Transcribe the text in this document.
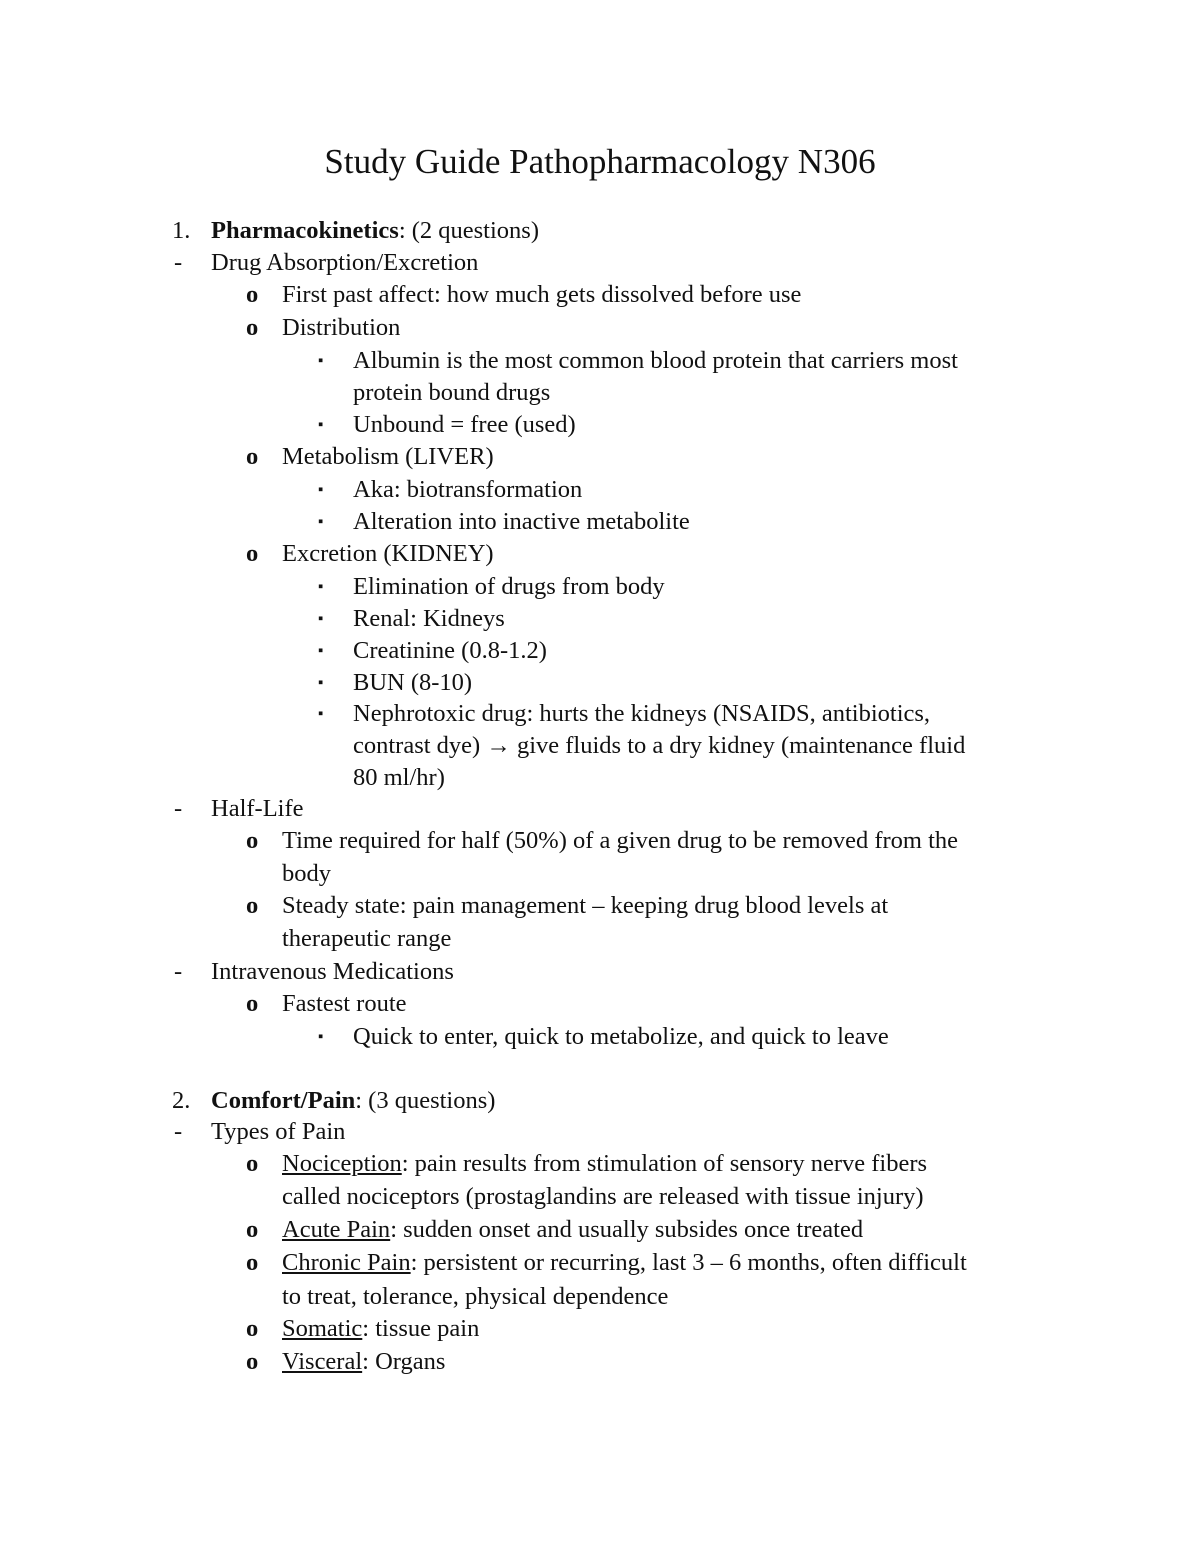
Study Guide Pathopharmacology N306
1. Pharmacokinetics: (2 questions)
- Drug Absorption/Excretion
o First past affect: how much gets dissolved before use
o Distribution
▪ Albumin is the most common blood protein that carriers most
protein bound drugs
▪ Unbound = free (used)
o Metabolism (LIVER)
▪ Aka: biotransformation
▪ Alteration into inactive metabolite
o Excretion (KIDNEY)
▪ Elimination of drugs from body
▪ Renal: Kidneys
▪ Creatinine (0.8-1.2)
▪ BUN (8-10)
▪ Nephrotoxic drug: hurts the kidneys (NSAIDS, antibiotics,
contrast dye) → give fluids to a dry kidney (maintenance fluid
80 ml/hr)
- Half-Life
o Time required for half (50%) of a given drug to be removed from the
body
o Steady state: pain management – keeping drug blood levels at
therapeutic range
- Intravenous Medications
o Fastest route
▪ Quick to enter, quick to metabolize, and quick to leave
2. Comfort/Pain: (3 questions)
- Types of Pain
o Nociception: pain results from stimulation of sensory nerve fibers
called nociceptors (prostaglandins are released with tissue injury)
o Acute Pain: sudden onset and usually subsides once treated
o Chronic Pain: persistent or recurring, last 3 – 6 months, often difficult
to treat, tolerance, physical dependence
o Somatic: tissue pain
o Visceral: Organs
